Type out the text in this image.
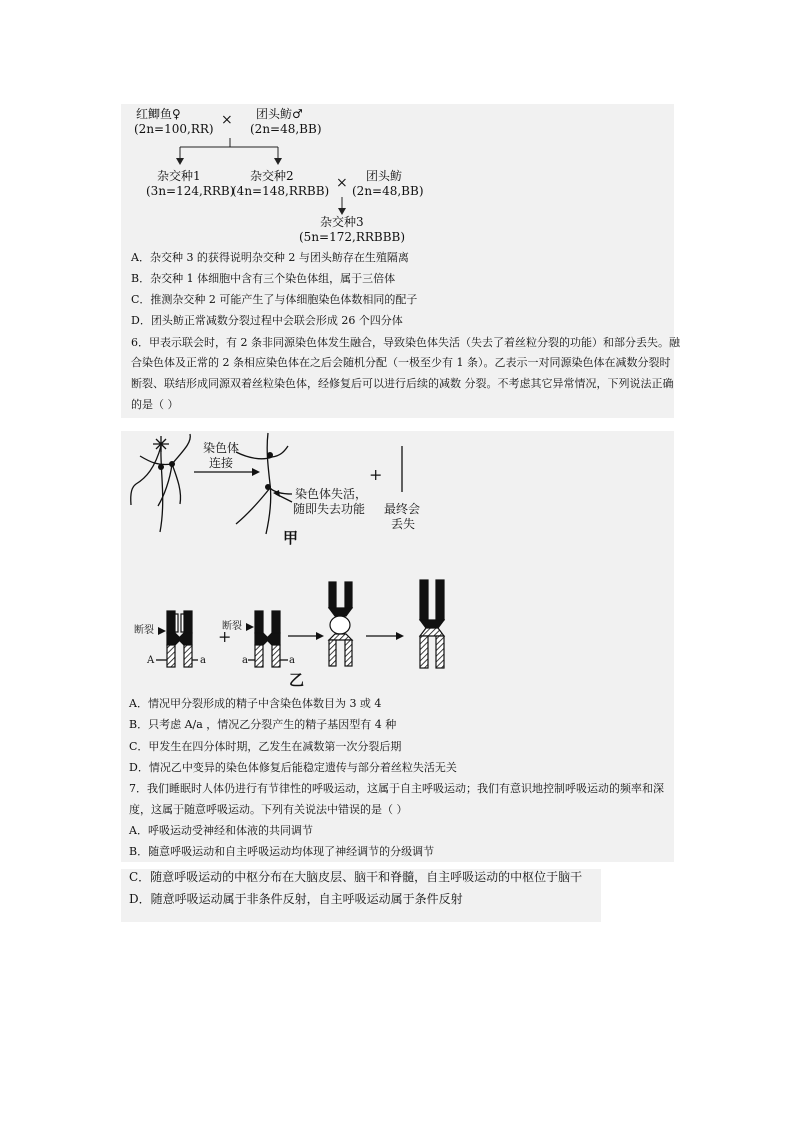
红鲫鱼♀
(2n=100,RR)
× 团头鲂♂
(2n=48,BB)
杂交种1
(3n=124,RRB)
杂交种2
(4n=148,RRBB) × 团头鲂
(2n=48,BB)
杂交种3
(5n=172,RRBBB)
A．杂交种 3 的获得说明杂交种 2 与团头鲂存在生殖隔离
B．杂交种 1 体细胞中含有三个染色体组，属于三倍体
C．推测杂交种 2 可能产生了与体细胞染色体数相同的配子
D．团头鲂正常减数分裂过程中会联会形成 26 个四分体
6．甲表示联会时，有 2 条非同源染色体发生融合，导致染色体失活（失去了着丝粒分裂的功能）和部分丢失。融
合染色体及正常的 2 条相应染色体在之后会随机分配（一极至少有 1 条）。乙表示一对同源染色体在减数分裂时
断裂、联结形成同源双着丝粒染色体，经修复后可以进行后续的减数 分裂。不考虑其它异常情况，下列说法正确
的是（ ）
染色体
连接
染色体失活，
随即失去功能
+
最终会
丢失
甲
断裂	断裂
A	a	a	a
+
乙
A．情况甲分裂形成的精子中含染色体数目为 3 或 4
B．只考虑 A/a ，情况乙分裂产生的精子基因型有 4 种
C．甲发生在四分体时期，乙发生在减数第一次分裂后期
D．情况乙中变异的染色体修复后能稳定遗传与部分着丝粒失活无关
7．我们睡眠时人体仍进行有节律性的呼吸运动，这属于自主呼吸运动；我们有意识地控制呼吸运动的频率和深
度，这属于随意呼吸运动。下列有关说法中错误的是（ ）
A．呼吸运动受神经和体液的共同调节
B．随意呼吸运动和自主呼吸运动均体现了神经调节的分级调节
C．随意呼吸运动的中枢分布在大脑皮层、脑干和脊髓，自主呼吸运动的中枢位于脑干
D．随意呼吸运动属于非条件反射，自主呼吸运动属于条件反射
